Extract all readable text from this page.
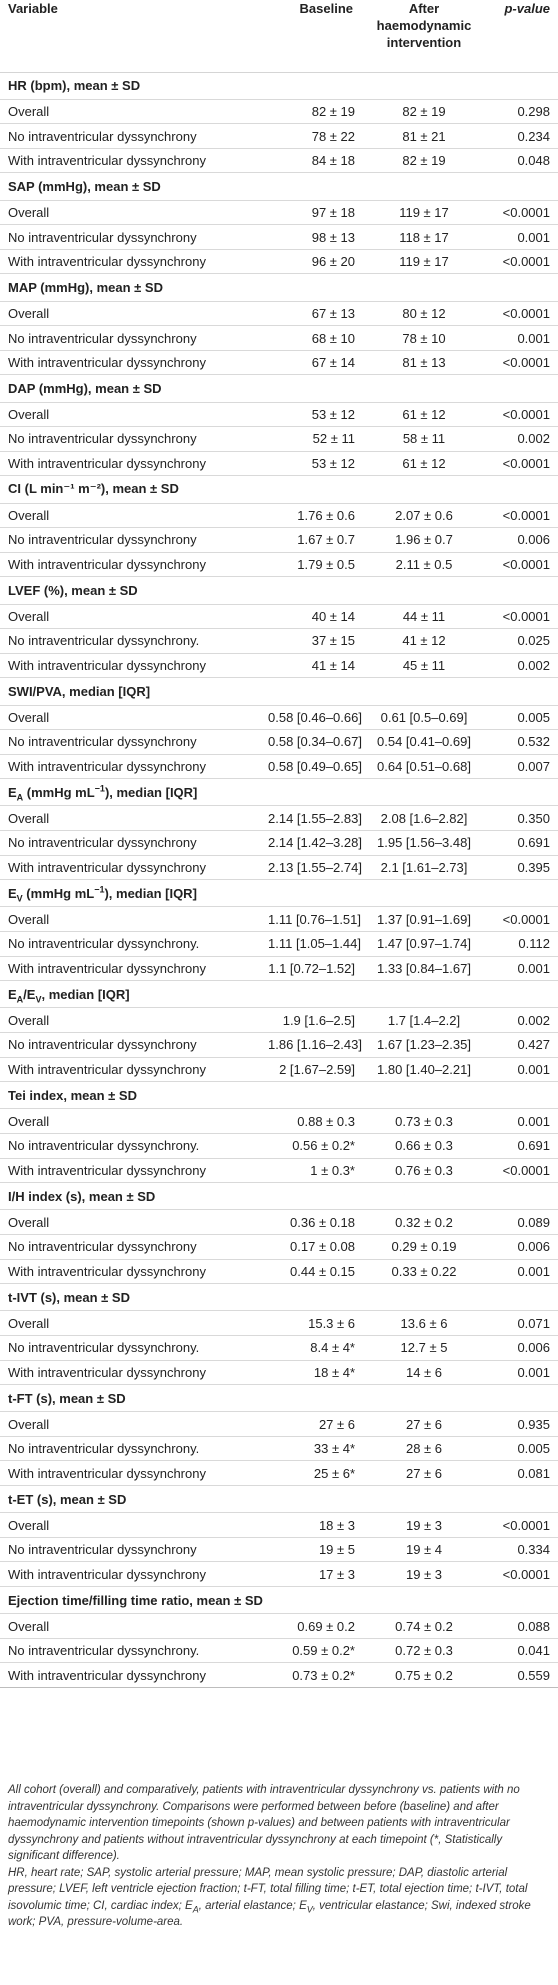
Variable	Baseline	After haemodynamic intervention	p-value
HR (bpm), mean ± SD			
Overall	82 ± 19	82 ± 19	0.298
No intraventricular dyssynchrony	78 ± 22	81 ± 21	0.234
With intraventricular dyssynchrony	84 ± 18	82 ± 19	0.048
SAP (mmHg), mean ± SD			
Overall	97 ± 18	119 ± 17	<0.0001
No intraventricular dyssynchrony	98 ± 13	118 ± 17	0.001
With intraventricular dyssynchrony	96 ± 20	119 ± 17	<0.0001
MAP (mmHg), mean ± SD			
Overall	67 ± 13	80 ± 12	<0.0001
No intraventricular dyssynchrony	68 ± 10	78 ± 10	0.001
With intraventricular dyssynchrony	67 ± 14	81 ± 13	<0.0001
DAP (mmHg), mean ± SD			
Overall	53 ± 12	61 ± 12	<0.0001
No intraventricular dyssynchrony	52 ± 11	58 ± 11	0.002
With intraventricular dyssynchrony	53 ± 12	61 ± 12	<0.0001
CI (L min⁻¹ m⁻²), mean ± SD			
Overall	1.76 ± 0.6	2.07 ± 0.6	<0.0001
No intraventricular dyssynchrony	1.67 ± 0.7	1.96 ± 0.7	0.006
With intraventricular dyssynchrony	1.79 ± 0.5	2.11 ± 0.5	<0.0001
LVEF (%), mean ± SD			
Overall	40 ± 14	44 ± 11	<0.0001
No intraventricular dyssynchrony.	37 ± 15	41 ± 12	0.025
With intraventricular dyssynchrony	41 ± 14	45 ± 11	0.002
SWI/PVA, median [IQR]			
Overall	0.58 [0.46–0.66]	0.61 [0.5–0.69]	0.005
No intraventricular dyssynchrony	0.58 [0.34–0.67]	0.54 [0.41–0.69]	0.532
With intraventricular dyssynchrony	0.58 [0.49–0.65]	0.64 [0.51–0.68]	0.007
$E_A$ (mmHg $mL^{-1}$), median [IQR]			
Overall	2.14 [1.55–2.83]	2.08 [1.6–2.82]	0.350
No intraventricular dyssynchrony	2.14 [1.42–3.28]	1.95 [1.56–3.48]	0.691
With intraventricular dyssynchrony	2.13 [1.55–2.74]	2.1 [1.61–2.73]	0.395
$E_V$ (mmHg $mL^{-1}$), median [IQR]			
Overall	1.11 [0.76–1.51]	1.37 [0.91–1.69]	<0.0001
No intraventricular dyssynchrony.	1.11 [1.05–1.44]	1.47 [0.97–1.74]	0.112
With intraventricular dyssynchrony	1.1 [0.72–1.52]	1.33 [0.84–1.67]	0.001
$E_A/E_V$, median [IQR]			
Overall	1.9 [1.6–2.5]	1.7 [1.4–2.2]	0.002
No intraventricular dyssynchrony	1.86 [1.16–2.43]	1.67 [1.23–2.35]	0.427
With intraventricular dyssynchrony	2 [1.67–2.59]	1.80 [1.40–2.21]	0.001
Tei index, mean ± SD			
Overall	0.88 ± 0.3	0.73 ± 0.3	0.001
No intraventricular dyssynchrony.	0.56 ± 0.2*	0.66 ± 0.3	0.691
With intraventricular dyssynchrony	1 ± 0.3*	0.76 ± 0.3	<0.0001
I/H index (s), mean ± SD			
Overall	0.36 ± 0.18	0.32 ± 0.2	0.089
No intraventricular dyssynchrony	0.17 ± 0.08	0.29 ± 0.19	0.006
With intraventricular dyssynchrony	0.44 ± 0.15	0.33 ± 0.22	0.001
t-IVT (s), mean ± SD			
Overall	15.3 ± 6	13.6 ± 6	0.071
No intraventricular dyssynchrony.	8.4 ± 4*	12.7 ± 5	0.006
With intraventricular dyssynchrony	18 ± 4*	14 ± 6	0.001
t-FT (s), mean ± SD			
Overall	27 ± 6	27 ± 6	0.935
No intraventricular dyssynchrony.	33 ± 4*	28 ± 6	0.005
With intraventricular dyssynchrony	25 ± 6*	27 ± 6	0.081
t-ET (s), mean ± SD			
Overall	18 ± 3	19 ± 3	<0.0001
No intraventricular dyssynchrony	19 ± 5	19 ± 4	0.334
With intraventricular dyssynchrony	17 ± 3	19 ± 3	<0.0001
Ejection time/filling time ratio, mean ± SD			
Overall	0.69 ± 0.2	0.74 ± 0.2	0.088
No intraventricular dyssynchrony.	0.59 ± 0.2*	0.72 ± 0.3	0.041
With intraventricular dyssynchrony	0.73 ± 0.2*	0.75 ± 0.2	0.559

All cohort (overall) and comparatively, patients with intraventricular dyssynchrony vs. patients with no intraventricular dyssynchrony. Comparisons were performed between before (baseline) and after haemodynamic intervention timepoints (shown p-values) and between patients with intraventricular dyssynchrony and patients without intraventricular dyssynchrony at each timepoint (*, Statistically significant difference).

HR, heart rate; SAP, systolic arterial pressure; MAP, mean systolic pressure; DAP, diastolic arterial pressure; LVEF, left ventricle ejection fraction; t-FT, total filling time; t-ET, total ejection time; t-IVT, total isovolumic time; CI, cardiac index; $E_A$, arterial elastance; $E_V$, ventricular elastance; Swi, indexed stroke work; PVA, pressure-volume-area.
